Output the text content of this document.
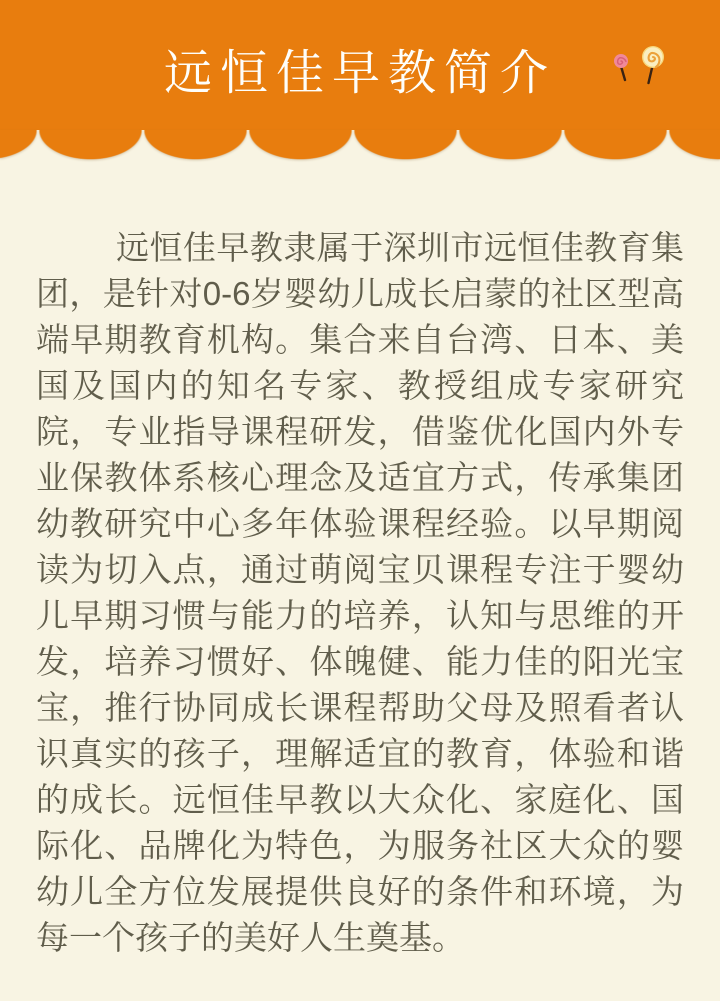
远恒佳早教简介

远恒佳早教隶属于深圳市远恒佳教育集团，是针对0-6岁婴幼儿成长启蒙的社区型高端早期教育机构。集合来自台湾、日本、美国及国内的知名专家、教授组成专家研究院，专业指导课程研发，借鉴优化国内外专业保教体系核心理念及适宜方式，传承集团幼教研究中心多年体验课程经验。以早期阅读为切入点，通过萌阅宝贝课程专注于婴幼儿早期习惯与能力的培养，认知与思维的开发，培养习惯好、体魄健、能力佳的阳光宝宝，推行协同成长课程帮助父母及照看者认识真实的孩子，理解适宜的教育，体验和谐的成长。远恒佳早教以大众化、家庭化、国际化、品牌化为特色，为服务社区大众的婴幼儿全方位发展提供良好的条件和环境，为每一个孩子的美好人生奠基。
